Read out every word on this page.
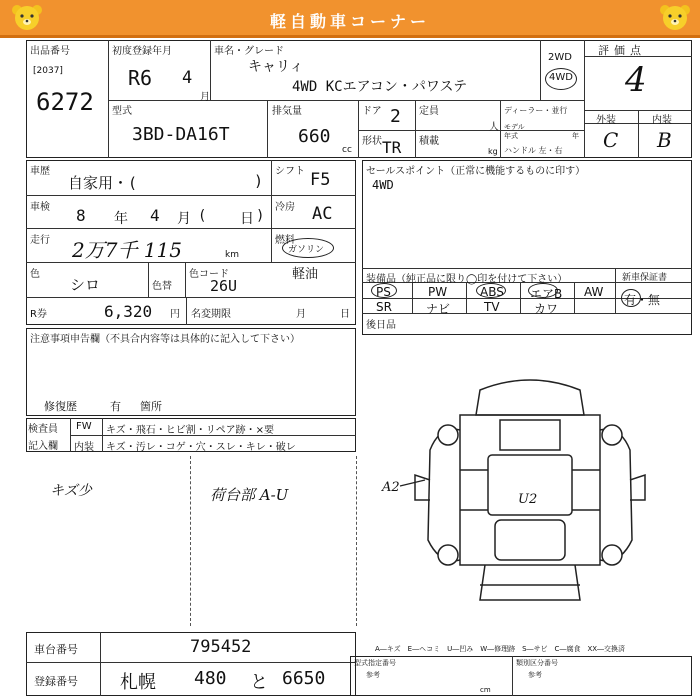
軽自動車コーナー
出品番号
[2037]
6272
初度登録年月
R6 4
月
車名・グレード
キャリィ
4WD KCエアコン・パワステ
2WD
4WD
評価点
4
外装	内装
C B
型式
3BD-DA16T
排気量
660
cc
ドア 2
形状 TR
定員
人
積載
kg
ディーラー・並行
モデル
年式	年
ハンドル 左・右
車歴
自家用・(	)
シフト F5
車検 8 年 4 月 ( 日 )
冷房 AC
走行 2万7千 115	km
燃料
ガソリン
軽油
色
シロ	色替
色コード
26U
R券	6,320 円 名変期限	月	日
セールスポイント（正常に機能するものに印す）
4WD
装備品（純正品に限り◯印を付けて下さい）	新車保証書
PS	PW	ABS エアB AW
SR	ナビ	TV	カワ
有・無
後日品
注意事項申告欄（不具合内容等は具体的に記入して下さい）
修復歴	有 箇所
検査員
記入欄
FW キズ・飛石・ヒビ割・リペア跡・×要
内装 キズ・汚レ・コゲ・穴・スレ・キレ・破レ
キズ少	荷台部 A-U	A2
U2
A―キズ　E―ヘコミ　U―凹み　W―修理跡　S―サビ　C―腐食　XX―交換済
車台番号	795452
登録番号 札幌 480 と 6650
型式指定番号
参考
類別区分番号
参考
cm
